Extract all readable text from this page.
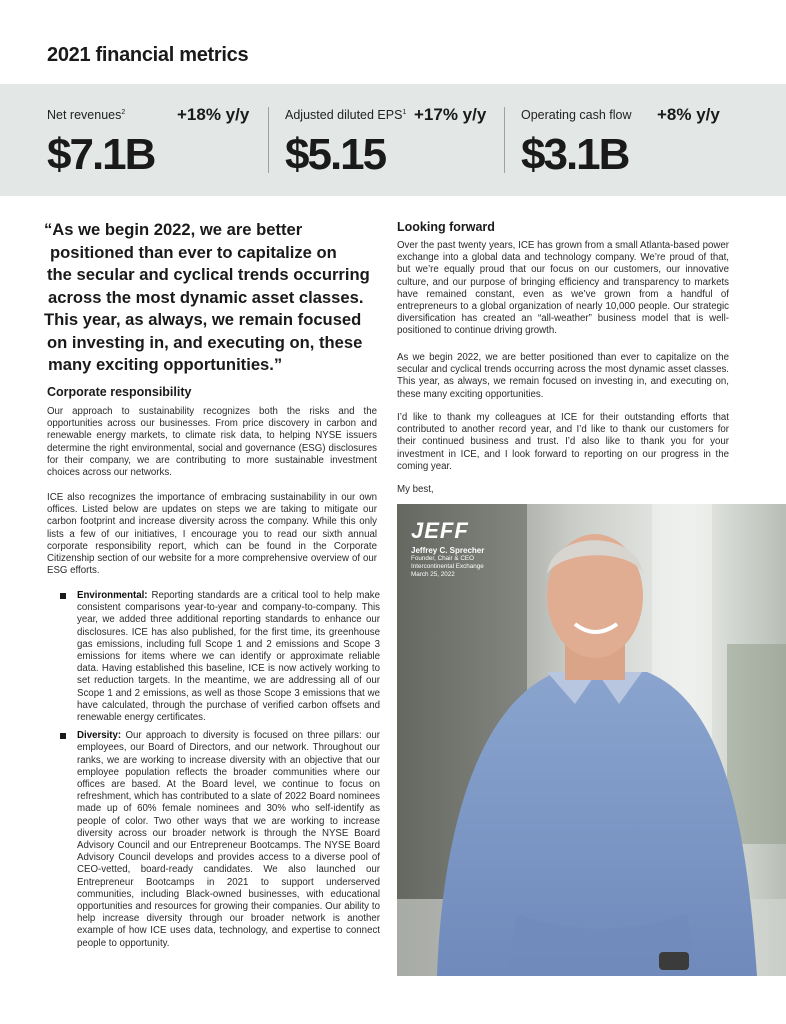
2021 financial metrics
Net revenues$^2$	+18% y/y
$7.1B
Adjusted diluted $EPS^1 +17\%$ y/y
$5.15
Operating cash flow +8% y/y
$3.1B
“As we begin 2022, we are better
positioned than ever to capitalize on
the secular and cyclical trends occurring
across the most dynamic asset classes.
This year, as always, we remain focused
on investing in, and executing on, these
many exciting opportunities.”
Corporate responsibility
Our approach to sustainability recognizes both the risks and the opportunities across our businesses. From price discovery in carbon and renewable energy markets, to climate risk data, to helping NYSE issuers determine the right environmental, social and governance (ESG) disclosures for their company, we are contributing to more sustainable investment choices across our networks.
ICE also recognizes the importance of embracing sustainability in our own offices. Listed below are updates on steps we are taking to mitigate our carbon footprint and increase diversity across the company. While this only lists a few of our initiatives, I encourage you to read our sixth annual corporate responsibility report, which can be found in the Corporate Citizenship section of our website for a more comprehensive overview of our ESG efforts.
Environmental: Reporting standards are a critical tool to help make consistent comparisons year-to-year and company-to-company. This year, we added three additional reporting standards to enhance our disclosures. ICE has also published, for the first time, its greenhouse gas emissions, including full Scope 1 and 2 emissions and Scope 3 emissions for items where we can identify or approximate reliable data. Having established this baseline, ICE is now actively working to set reduction targets. In the meantime, we are addressing all of our Scope 1 and 2 emissions, as well as those Scope 3 emissions that we have calculated, through the purchase of verified carbon offsets and renewable energy certificates.
Diversity: Our approach to diversity is focused on three pillars: our employees, our Board of Directors, and our network. Throughout our ranks, we are working to increase diversity with an objective that our employee population reflects the broader communities where our offices are based. At the Board level, we continue to focus on refreshment, which has contributed to a slate of 2022 Board nominees made up of 60% female nominees and 30% who self-identify as people of color. Two other ways that we are working to increase diversity across our broader network is through the NYSE Board Advisory Council and our Entrepreneur Bootcamps. The NYSE Board Advisory Council develops and provides access to a diverse pool of CEO-vetted, board-ready candidates. We also launched our Entrepreneur Bootcamps in 2021 to support underserved communities, including Black-owned businesses, with educational opportunities and resources for growing their companies. Our ability to help increase diversity through our broader network is another example of how ICE uses data, technology, and expertise to connect people to opportunity.
Looking forward
Over the past twenty years, ICE has grown from a small Atlanta-based power exchange into a global data and technology company. We’re proud of that, but we’re equally proud that our focus on our customers, our innovative culture, and our purpose of bringing efficiency and transparency to markets have remained constant, even as we’ve grown from a handful of entrepreneurs to a global organization of nearly 10,000 people. Our strategic diversification has created an “all-weather” business model that is well-positioned to continue driving growth.
As we begin 2022, we are better positioned than ever to capitalize on the secular and cyclical trends occurring across the most dynamic asset classes. This year, as always, we remain focused on investing in, and executing on, these many exciting opportunities.
I’d like to thank my colleagues at ICE for their outstanding efforts that contributed to another record year, and I’d like to thank our customers for their continued business and trust. I’d also like to thank you for your investment in ICE, and I look forward to reporting on our progress in the coming year.
My best,
JEFF
Jeffrey C. Sprecher
Founder, Chair & CEO
Intercontinental Exchange
March 25, 2022
